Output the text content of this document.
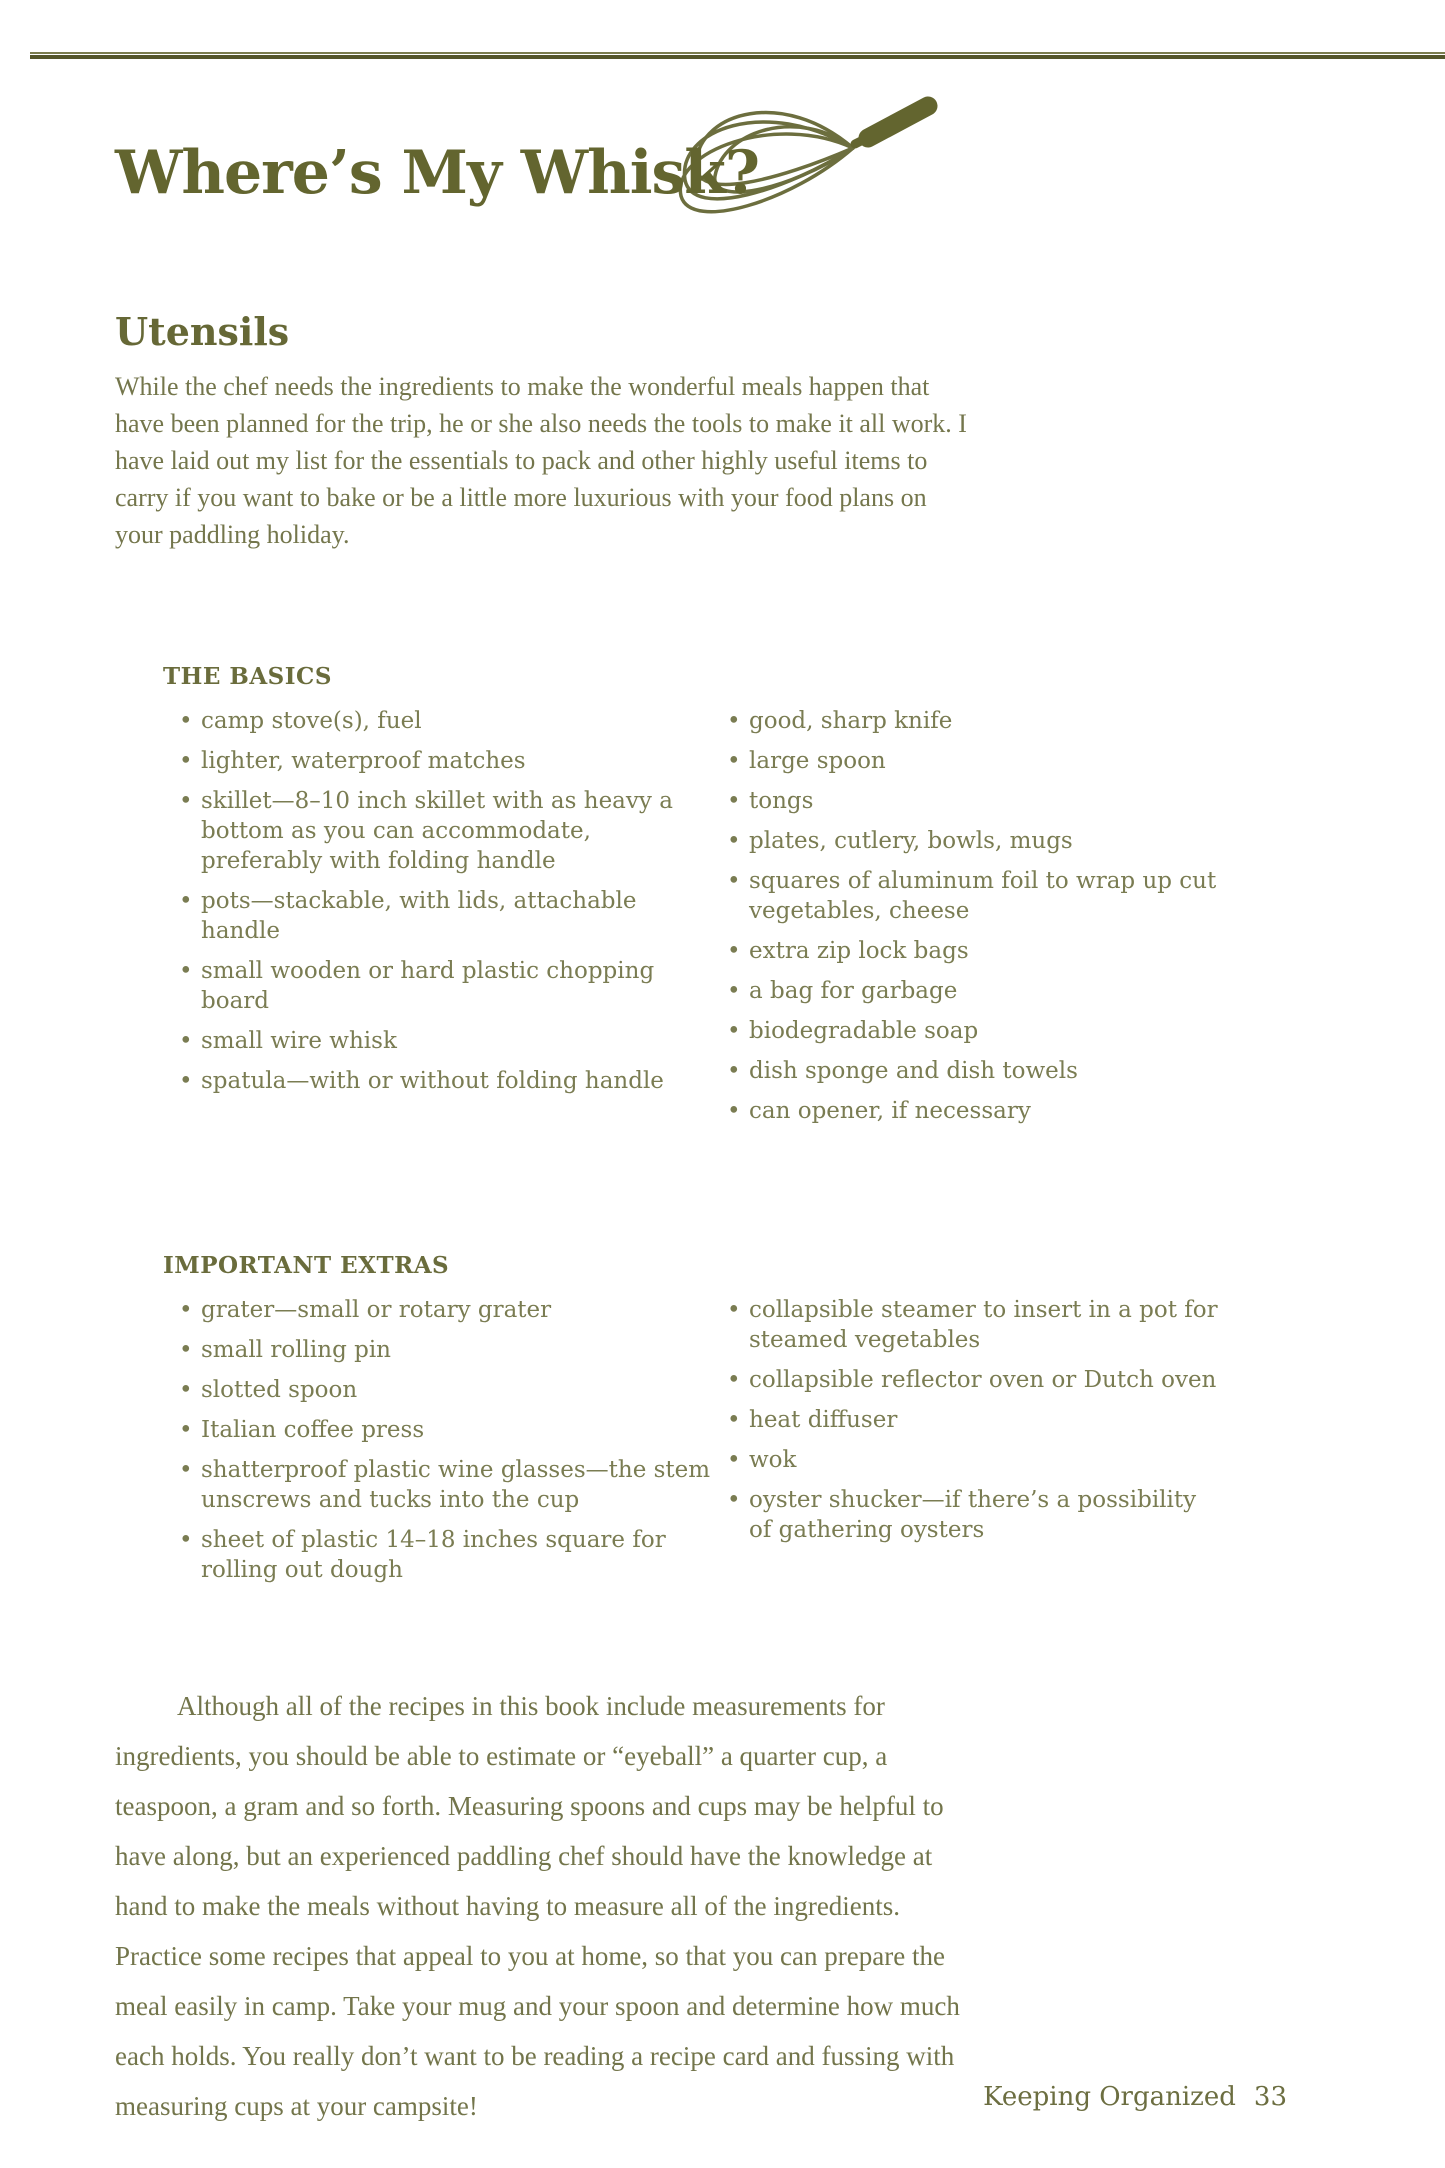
Where’s My Whisk?
Utensils

While the chef needs the ingredients to make the wonderful meals happen that have been planned for the trip, he or she also needs the tools to make it all work. I have laid out my list for the essentials to pack and other highly useful items to carry if you want to bake or be a little more luxurious with your food plans on your paddling holiday.

THE BASICS
• camp stove(s), fuel
• lighter, waterproof matches
• skillet—8–10 inch skillet with as heavy a bottom as you can accommodate, preferably with folding handle
• pots—stackable, with lids, attachable handle
• small wooden or hard plastic chopping board
• small wire whisk
• spatula—with or without folding handle
• good, sharp knife
• large spoon
• tongs
• plates, cutlery, bowls, mugs
• squares of aluminum foil to wrap up cut vegetables, cheese
• extra zip lock bags
• a bag for garbage
• biodegradable soap
• dish sponge and dish towels
• can opener, if necessary
IMPORTANT EXTRAS
• grater—small or rotary grater
• small rolling pin
• slotted spoon
• Italian coffee press
• shatterproof plastic wine glasses—the stem unscrews and tucks into the cup
• sheet of plastic 14–18 inches square for rolling out dough
• collapsible steamer to insert in a pot for steamed vegetables
• collapsible reflector oven or Dutch oven
• heat diffuser
• wok
• oyster shucker—if there’s a possibility of gathering oysters

Although all of the recipes in this book include measurements for ingredients, you should be able to estimate or “eyeball” a quarter cup, a teaspoon, a gram and so forth. Measuring spoons and cups may be helpful to have along, but an experienced paddling chef should have the knowledge at hand to make the meals without having to measure all of the ingredients. Practice some recipes that appeal to you at home, so that you can prepare the meal easily in camp. Take your mug and your spoon and determine how much each holds. You really don’t want to be reading a recipe card and fussing with measuring cups at your campsite!	Keeping Organized 33
